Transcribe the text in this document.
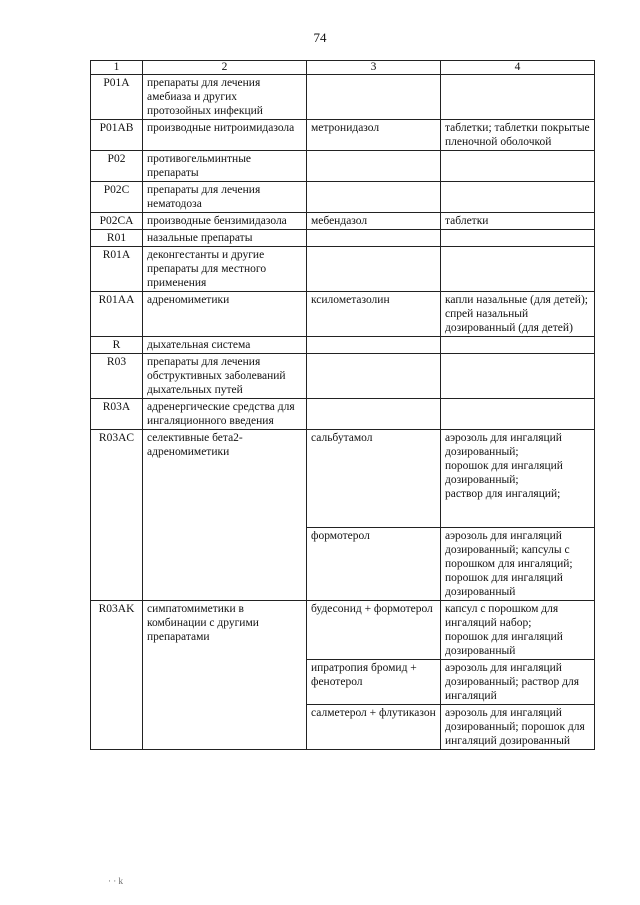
74
1	2	3	4
P01A	препараты для лечения амебиаза и других протозойных инфекций		
P01AB	производные нитроимидазола	метронидазол	таблетки; таблетки покрытые пленочной оболочкой
P02	противогельминтные препараты		
P02C	препараты для лечения нематодоза		
P02CA	производные бензимидазола	мебендазол	таблетки
R01	назальные препараты		
R01A	деконгестанты и другие препараты для местного применения		
R01AA	адреномиметики	ксилометазолин	капли назальные (для детей); спрей назальный дозированный (для детей)
R	дыхательная система		
R03	препараты для лечения обструктивных заболеваний дыхательных путей		
R03A	адренергические средства для ингаляционного введения		
R03AC	селективные бета2-адреномиметики	сальбутамол	аэрозоль для ингаляций дозированный;
порошок для ингаляций дозированный;
раствор для ингаляций;

		формотерол	аэрозоль для ингаляций дозированный; капсулы с порошком для ингаляций; порошок для ингаляций дозированный

R03AK	симпатомиметики в комбинации с другими препаратами	будесонид + формотерол	капсул с порошком для ингаляций набор;
порошок для ингаляций дозированный

		ипратропия бромид + фенотерол	аэрозоль для ингаляций дозированный; раствор для ингаляций

		салметерол + флутиказон	аэрозоль для ингаляций дозированный; порошок для ингаляций дозированный
· · k
